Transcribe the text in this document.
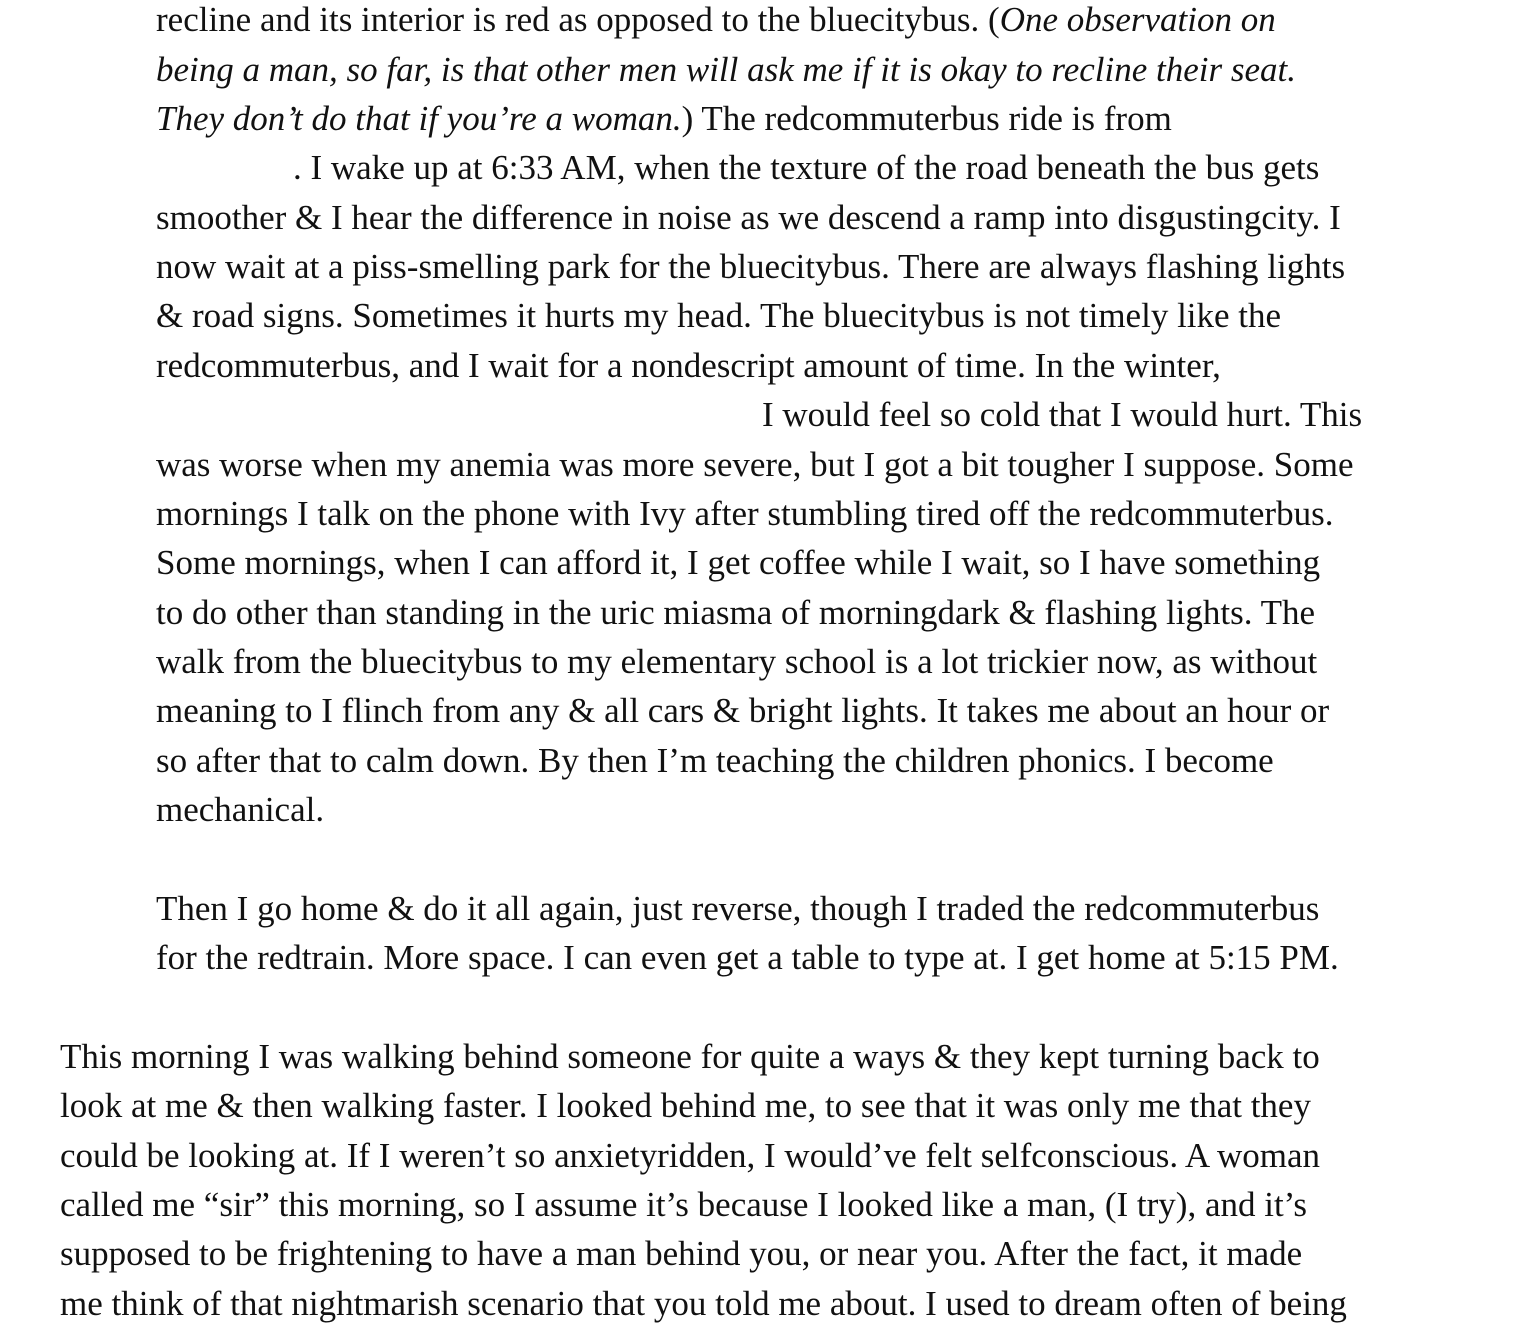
recline and its interior is red as opposed to the bluecitybus. (One observation on

being a man, so far, is that other men will ask me if it is okay to recline their seat.

They don’t do that if you’re a woman.) The redcommuterbus ride is from

. I wake up at 6:33 AM, when the texture of the road beneath the bus gets

smoother & I hear the difference in noise as we descend a ramp into disgustingcity. I

now wait at a piss-smelling park for the bluecitybus. There are always flashing lights

& road signs. Sometimes it hurts my head. The bluecitybus is not timely like the

redcommuterbus, and I wait for a nondescript amount of time. In the winter,

I would feel so cold that I would hurt. This

was worse when my anemia was more severe, but I got a bit tougher I suppose. Some

mornings I talk on the phone with Ivy after stumbling tired off the redcommuterbus.

Some mornings, when I can afford it, I get coffee while I wait, so I have something

to do other than standing in the uric miasma of morningdark & flashing lights. The

walk from the bluecitybus to my elementary school is a lot trickier now, as without

meaning to I flinch from any & all cars & bright lights. It takes me about an hour or

so after that to calm down. By then I’m teaching the children phonics. I become

mechanical.

Then I go home & do it all again, just reverse, though I traded the redcommuterbus

for the redtrain. More space. I can even get a table to type at. I get home at 5:15 PM.

This morning I was walking behind someone for quite a ways & they kept turning back to

look at me & then walking faster. I looked behind me, to see that it was only me that they

could be looking at. If I weren’t so anxietyridden, I would’ve felt selfconscious. A woman

called me “sir” this morning, so I assume it’s because I looked like a man, (I try), and it’s

supposed to be frightening to have a man behind you, or near you. After the fact, it made

me think of that nightmarish scenario that you told me about. I used to dream often of being
